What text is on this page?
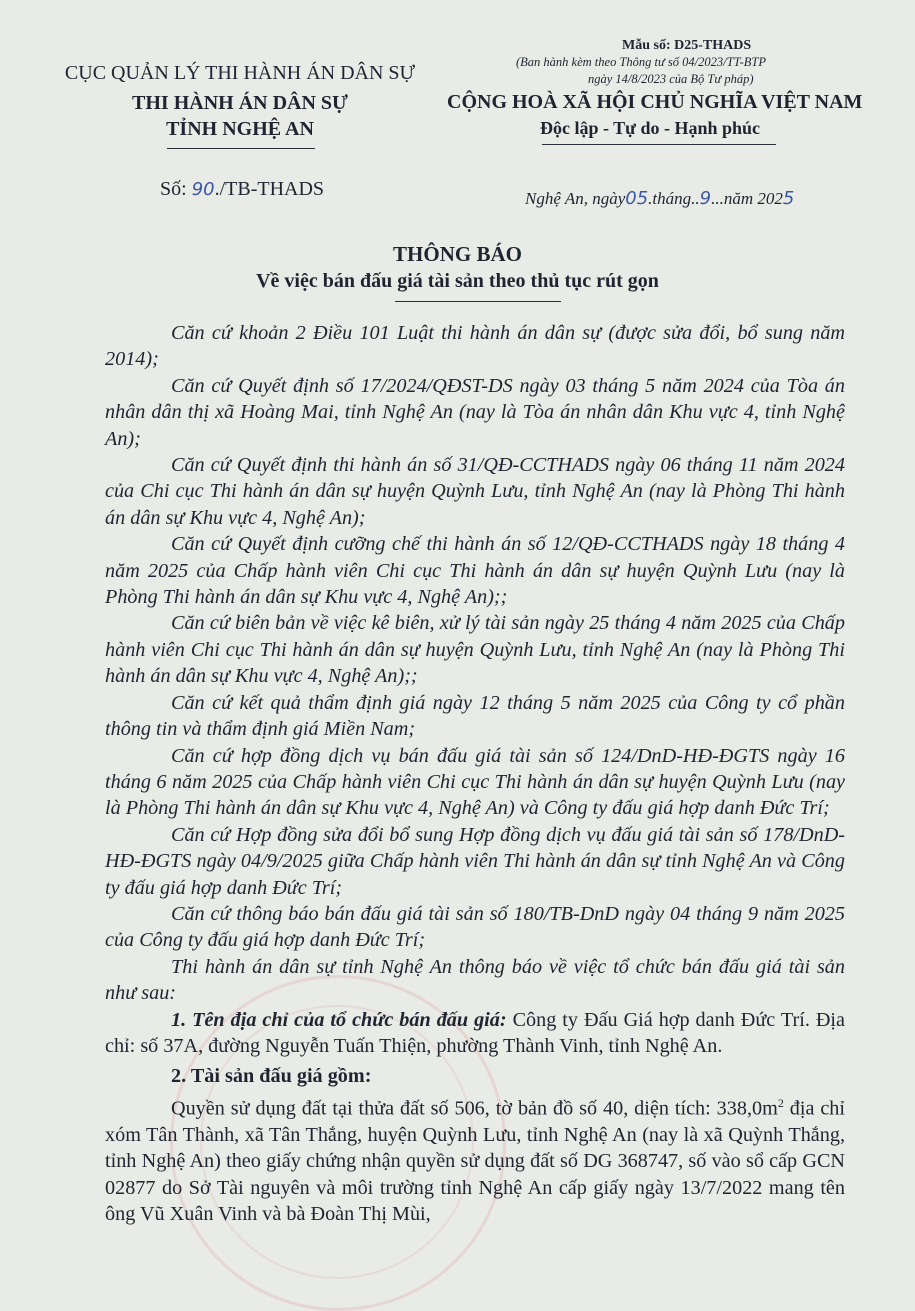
Mẫu số: D25-THADS
(Ban hành kèm theo Thông tư số 04/2023/TT-BTP
ngày 14/8/2023 của Bộ Tư pháp)
CỤC QUẢN LÝ THI HÀNH ÁN DÂN SỰ
THI HÀNH ÁN DÂN SỰ
TỈNH NGHỆ AN
CỘNG HOÀ XÃ HỘI CHỦ NGHĨA VIỆT NAM
Độc lập - Tự do - Hạnh phúc
Số: 90./TB-THADS	Nghệ An, ngày05.tháng..9...năm 2025
THÔNG BÁO
Về việc bán đấu giá tài sản theo thủ tục rút gọn

Căn cứ khoản 2 Điều 101 Luật thi hành án dân sự (được sửa đổi, bổ sung năm 2014);

Căn cứ Quyết định số 17/2024/QĐST-DS ngày 03 tháng 5 năm 2024 của Tòa án nhân dân thị xã Hoàng Mai, tỉnh Nghệ An (nay là Tòa án nhân dân Khu vực 4, tỉnh Nghệ An);

Căn cứ Quyết định thi hành án số 31/QĐ-CCTHADS ngày 06 tháng 11 năm 2024 của Chi cục Thi hành án dân sự huyện Quỳnh Lưu, tỉnh Nghệ An (nay là Phòng Thi hành án dân sự Khu vực 4, Nghệ An);

Căn cứ Quyết định cưỡng chế thi hành án số 12/QĐ-CCTHADS ngày 18 tháng 4 năm 2025 của Chấp hành viên Chi cục Thi hành án dân sự huyện Quỳnh Lưu (nay là Phòng Thi hành án dân sự Khu vực 4, Nghệ An);;

Căn cứ biên bản về việc kê biên, xử lý tài sản ngày 25 tháng 4 năm 2025 của Chấp hành viên Chi cục Thi hành án dân sự huyện Quỳnh Lưu, tỉnh Nghệ An (nay là Phòng Thi hành án dân sự Khu vực 4, Nghệ An);;

Căn cứ kết quả thẩm định giá ngày 12 tháng 5 năm 2025 của Công ty cổ phần thông tin và thẩm định giá Miền Nam;

Căn cứ hợp đồng dịch vụ bán đấu giá tài sản số 124/DnD-HĐ-ĐGTS ngày 16 tháng 6 năm 2025 của Chấp hành viên Chi cục Thi hành án dân sự huyện Quỳnh Lưu (nay là Phòng Thi hành án dân sự Khu vực 4, Nghệ An) và Công ty đấu giá hợp danh Đức Trí;

Căn cứ Hợp đồng sửa đổi bổ sung Hợp đồng dịch vụ đấu giá tài sản số 178/DnD-HĐ-ĐGTS ngày 04/9/2025 giữa Chấp hành viên Thi hành án dân sự tỉnh Nghệ An và Công ty đấu giá hợp danh Đức Trí;

Căn cứ thông báo bán đấu giá tài sản số 180/TB-DnD ngày 04 tháng 9 năm 2025 của Công ty đấu giá hợp danh Đức Trí;

Thi hành án dân sự tỉnh Nghệ An thông báo về việc tổ chức bán đấu giá tài sản như sau:

1. Tên địa chỉ của tổ chức bán đấu giá: Công ty Đấu Giá hợp danh Đức Trí. Địa chỉ: số 37A, đường Nguyễn Tuấn Thiện, phường Thành Vinh, tỉnh Nghệ An.

2. Tài sản đấu giá gồm:

Quyền sử dụng đất tại thửa đất số 506, tờ bản đồ số 40, diện tích: $338,0m^2$ địa chỉ xóm Tân Thành, xã Tân Thắng, huyện Quỳnh Lưu, tỉnh Nghệ An (nay là xã Quỳnh Thắng, tỉnh Nghệ An) theo giấy chứng nhận quyền sử dụng đất số DG 368747, số vào sổ cấp GCN 02877 do Sở Tài nguyên và môi trường tỉnh Nghệ An cấp giấy ngày 13/7/2022 mang tên ông Vũ Xuân Vinh và bà Đoàn Thị Mùi,
